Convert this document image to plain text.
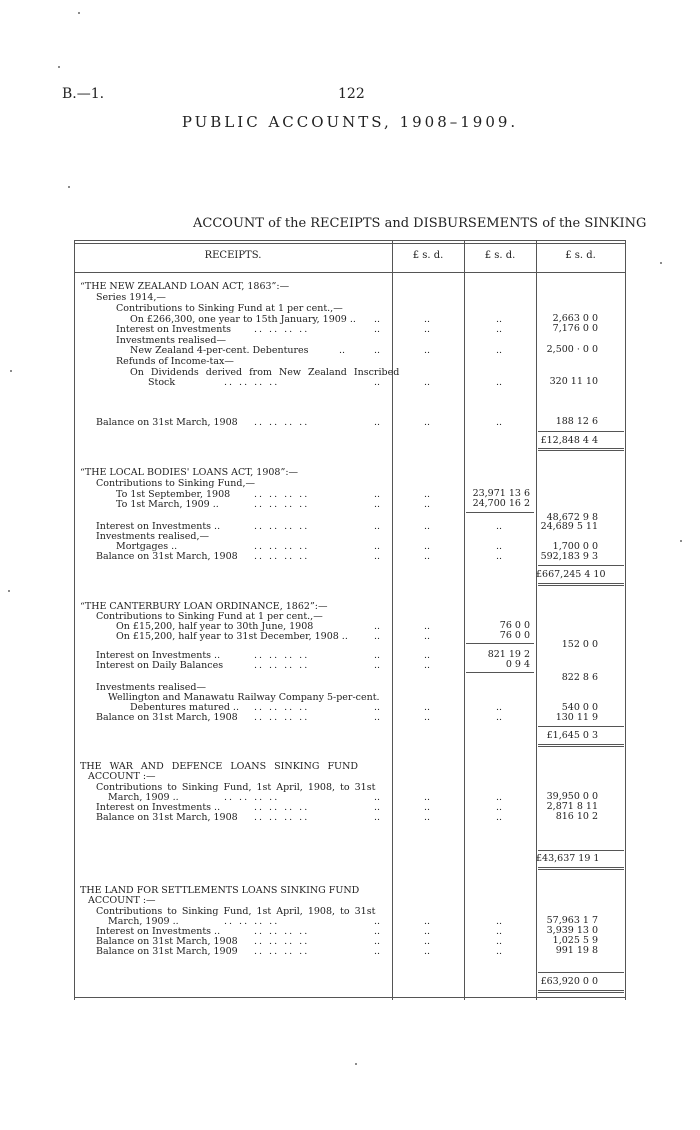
B.—1.	122
PUBLIC ACCOUNTS, 1908–1909.
ACCOUNT of the RECEIPTS and DISBURSEMENTS of the SINKING
RECEIPTS.	£ s. d.	£ s. d.	£ s. d.
“THE NEW ZEALAND LOAN ACT, 1863”:—
Series 1914,—
Contributions to Sinking Fund at 1 per cent.,—
On £266,300, one year to 15th January, 1909 .. ..	..	..	2,663 0 0
Interest on Investments .. .. .. ..	..	..	..	7,176 0 0
Investments realised—
New Zealand 4-per-cent. Debentures	..	..	..	..	2,500 · 0 0
Refunds of Income-tax—
On Dividends derived from New Zealand Inscribed
Stock	.. .. .. ..	..	..	..	320 11 10
Balance on 31st March, 1908 .. .. .. ..	..	..	..	188 12 6
£12,848 4 4
“THE LOCAL BODIES' LOANS ACT, 1908”:—
Contributions to Sinking Fund,—
To 1st September, 1908	.. .. .. ..	..	..	23,971 13 6
To 1st March, 1909 ..	.. .. .. ..	..	..	24,700 16 2
48,672 9 8
Interest on Investments ..	.. .. .. ..	..	..	..	24,689 5 11
Investments realised,—
Mortgages ..	.. .. .. ..	..	..	..	1,700 0 0
Balance on 31st March, 1908 .. .. .. ..	..	..	..	592,183 9 3
£667,245 4 10
“THE CANTERBURY LOAN ORDINANCE, 1862”:—
Contributions to Sinking Fund at 1 per cent.,—
On £15,200, half year to 30th June, 1908	..	..	76 0 0
On £15,200, half year to 31st December, 1908 ..	..	..	76 0 0
152 0 0
Interest on Investments ..	.. .. .. ..	..	..	821 19 2
Interest on Daily Balances	.. .. .. ..	..	..	0 9 4
822 8 6
Investments realised—
Wellington and Manawatu Railway Company 5-per-cent.
Debentures matured .. .. .. .. ..	..	..	..	540 0 0
Balance on 31st March, 1908 .. .. .. ..	..	..	..	130 11 9
£1,645 0 3
THE WAR AND DEFENCE LOANS SINKING FUND
ACCOUNT :—
Contributions to Sinking Fund, 1st April, 1908, to 31st
March, 1909 ..	.. .. .. ..	..	..	..	39,950 0 0
Interest on Investments ..	.. .. .. ..	..	..	..	2,871 8 11
Balance on 31st March, 1908 .. .. .. ..	..	..	..	816 10 2
£43,637 19 1
THE LAND FOR SETTLEMENTS LOANS SINKING FUND
ACCOUNT :—
Contributions to Sinking Fund, 1st April, 1908, to 31st
March, 1909 ..	.. .. .. ..	..	..	..	57,963 1 7
Interest on Investments ..	.. .. .. ..	..	..	..	3,939 13 0
Balance on 31st March, 1908 .. .. .. ..	..	..	..	1,025 5 9
Balance on 31st March, 1909 .. .. .. ..	..	..	..	991 19 8
£63,920 0 0
